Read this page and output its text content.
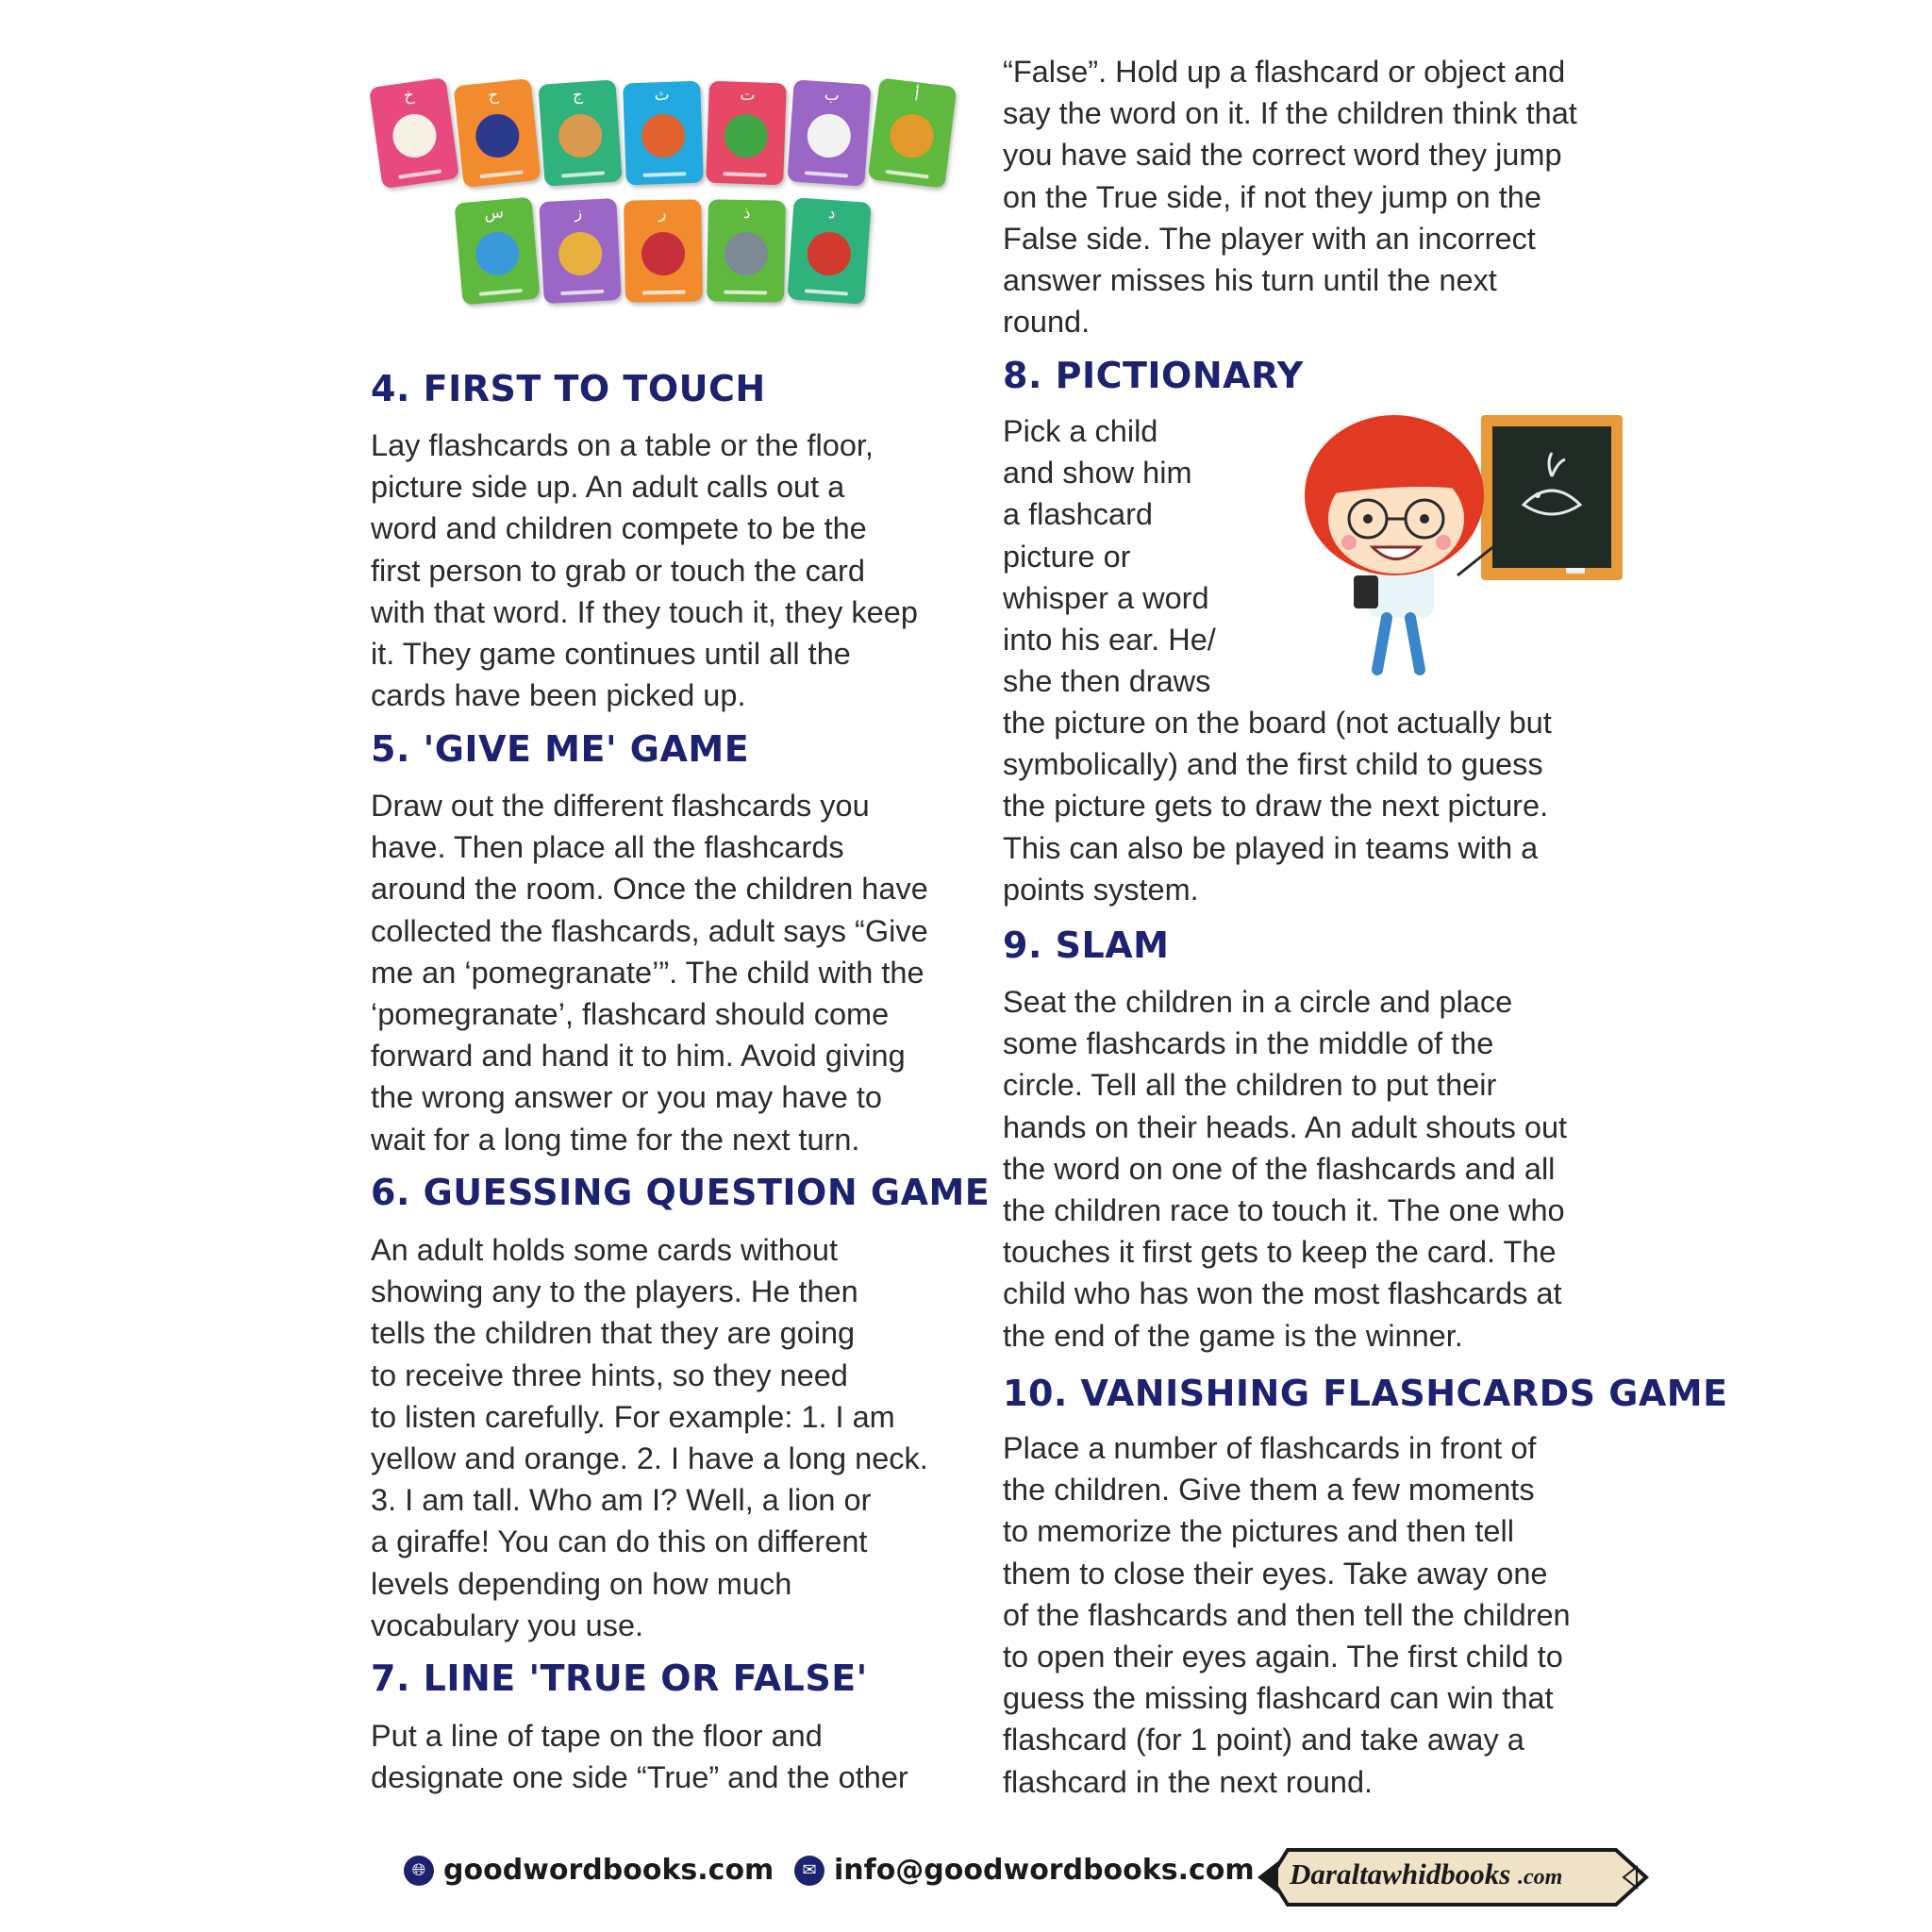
خ	ح	ج	ث	ت	ب	أ
س	ز	ر	ذ	د
4. FIRST TO TOUCH
Lay flashcards on a table or the floor,
picture side up. An adult calls out a
word and children compete to be the
first person to grab or touch the card
with that word. If they touch it, they keep
it. They game continues until all the
cards have been picked up.
5. 'GIVE ME' GAME
Draw out the different flashcards you
have. Then place all the flashcards
around the room. Once the children have
collected the flashcards, adult says “Give
me an ‘pomegranate’”. The child with the
‘pomegranate’, flashcard should come
forward and hand it to him. Avoid giving
the wrong answer or you may have to
wait for a long time for the next turn.
6. GUESSING QUESTION GAME
An adult holds some cards without
showing any to the players. He then
tells the children that they are going
to receive three hints, so they need
to listen carefully. For example: 1. I am
yellow and orange. 2. I have a long neck.
3. I am tall. Who am I? Well, a lion or
a giraffe! You can do this on different
levels depending on how much
vocabulary you use.
7. LINE 'TRUE OR FALSE'
Put a line of tape on the floor and
designate one side “True” and the other
“False”. Hold up a flashcard or object and
say the word on it. If the children think that
you have said the correct word they jump
on the True side, if not they jump on the
False side. The player with an incorrect
answer misses his turn until the next
round.
8. PICTIONARY
Pick a child
and show him
a flashcard
picture or
whisper a word
into his ear. He/
she then draws
the picture on the board (not actually but
symbolically) and the first child to guess
the picture gets to draw the next picture.
This can also be played in teams with a
points system.
9. SLAM
Seat the children in a circle and place
some flashcards in the middle of the
circle. Tell all the children to put their
hands on their heads. An adult shouts out
the word on one of the flashcards and all
the children race to touch it. The one who
touches it first gets to keep the card. The
child who has won the most flashcards at
the end of the game is the winner.
10. VANISHING FLASHCARDS GAME
Place a number of flashcards in front of
the children. Give them a few moments
to memorize the pictures and then tell
them to close their eyes. Take away one
of the flashcards and then tell the children
to open their eyes again. The first child to
guess the missing flashcard can win that
flashcard (for 1 point) and take away a
flashcard in the next round.
🌐︎ goodwordbooks.com	✉ info@goodwordbooks.com Daraltawhidbooks .com
